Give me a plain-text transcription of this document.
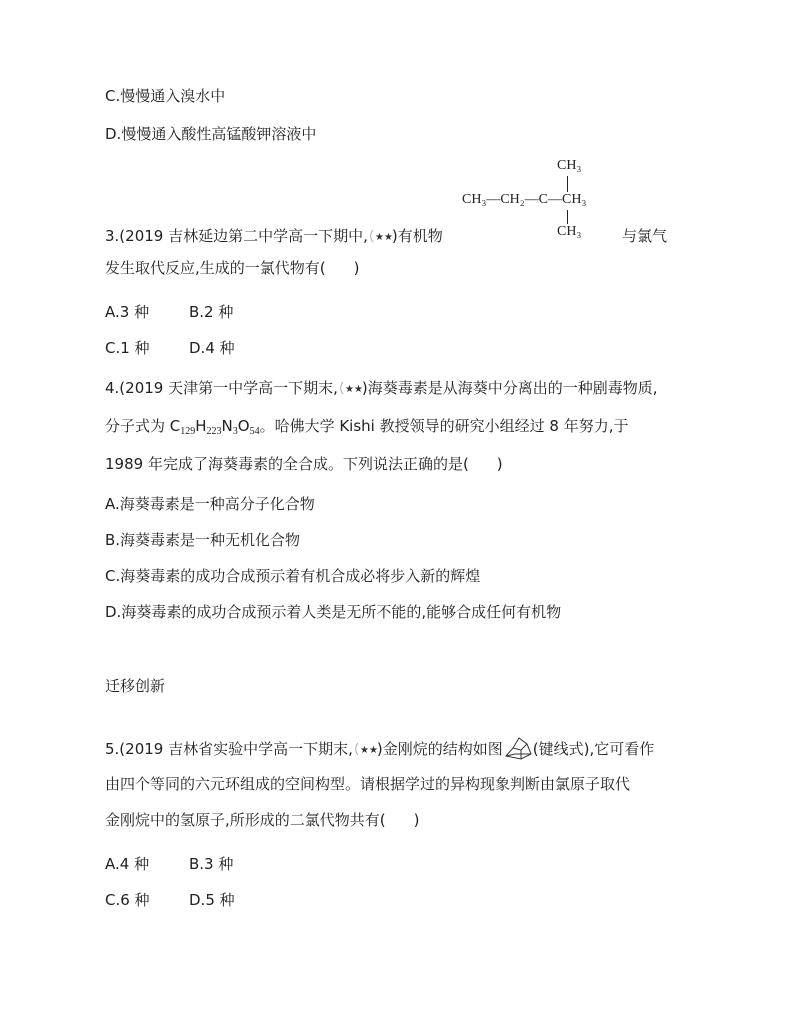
C.慢慢通入溴水中
D.慢慢通入酸性高锰酸钾溶液中
CH₃
CH₃—CH₂—C—CH₃
CH₃
3.(2019 吉林延边第二中学高一下期中, ★★ )有机物	与氯气
发生取代反应,生成的一氯代物有( )
A.3 种	B.2 种
C.1 种	D.4 种
4.(2019 天津第一中学高一下期末, ★★ )海葵毒素是从海葵中分离出的一种剧毒物质,
分子式为 $C_{129}H_{223}N_3O_{54}$。哈佛大学 Kishi 教授领导的研究小组经过 8 年努力,于
1989 年完成了海葵毒素的全合成。下列说法正确的是( )
A.海葵毒素是一种高分子化合物
B.海葵毒素是一种无机化合物
C.海葵毒素的成功合成预示着有机合成必将步入新的辉煌
D.海葵毒素的成功合成预示着人类是无所不能的,能够合成任何有机物
迁移创新
5.(2019 吉林省实验中学高一下期末, ★★ )金刚烷的结构如图 (键线式),它可看作
由四个等同的六元环组成的空间构型。请根据学过的异构现象判断由氯原子取代
金刚烷中的氢原子,所形成的二氯代物共有( )
A.4 种	B.3 种
C.6 种	D.5 种
